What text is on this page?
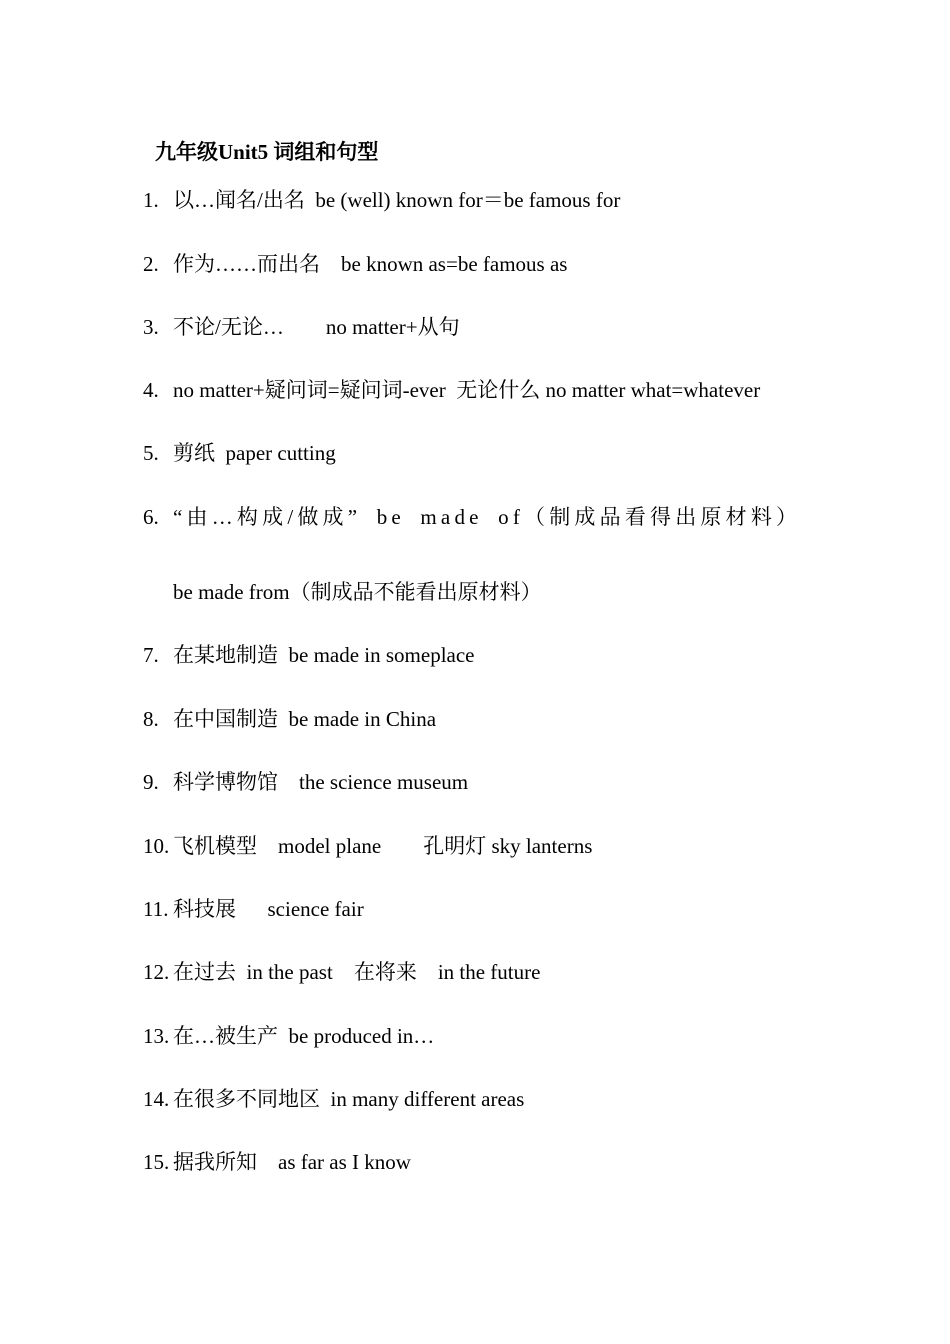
九年级Unit5 词组和句型
1. 以…闻名/出名  be (well) known for＝be famous for
2. 作为……而出名    be known as=be famous as
3. 不论/无论…        no matter+从句
4. no matter+疑问词=疑问词-ever  无论什么 no matter what=whatever
5. 剪纸  paper cutting
6. “由…构成/做成” be made of（制成品看得出原材料）
be made from（制成品不能看出原材料）
7. 在某地制造  be made in someplace
8. 在中国制造  be made in China
9. 科学博物馆    the science museum
10. 飞机模型    model plane        孔明灯 sky lanterns
11. 科技展      science fair
12. 在过去  in the past    在将来    in the future
13. 在…被生产  be produced in…
14. 在很多不同地区  in many different areas
15. 据我所知    as far as I know
